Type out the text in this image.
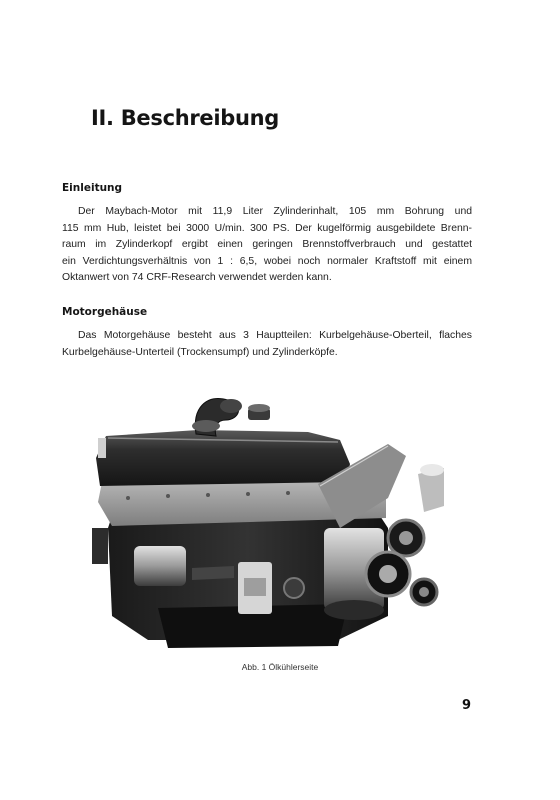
II. Beschreibung
Einleitung

Der Maybach-Motor mit 11,9 Liter Zylinderinhalt, 105 mm Bohrung und
115 mm Hub, leistet bei 3000 U/min. 300 PS. Der kugelförmig ausgebildete Brenn-
raum im Zylinderkopf ergibt einen geringen Brennstoffverbrauch und gestattet
ein Verdichtungsverhältnis von 1 : 6,5, wobei noch normaler Kraftstoff mit einem
Oktanwert von 74 CRF-Research verwendet werden kann.

Motorgehäuse

Das Motorgehäuse besteht aus 3 Hauptteilen: Kurbelgehäuse-Oberteil, flaches
Kurbelgehäuse-Unterteil (Trockensumpf) und Zylinderköpfe.

Abb. 1 Ölkühlerseite

9
